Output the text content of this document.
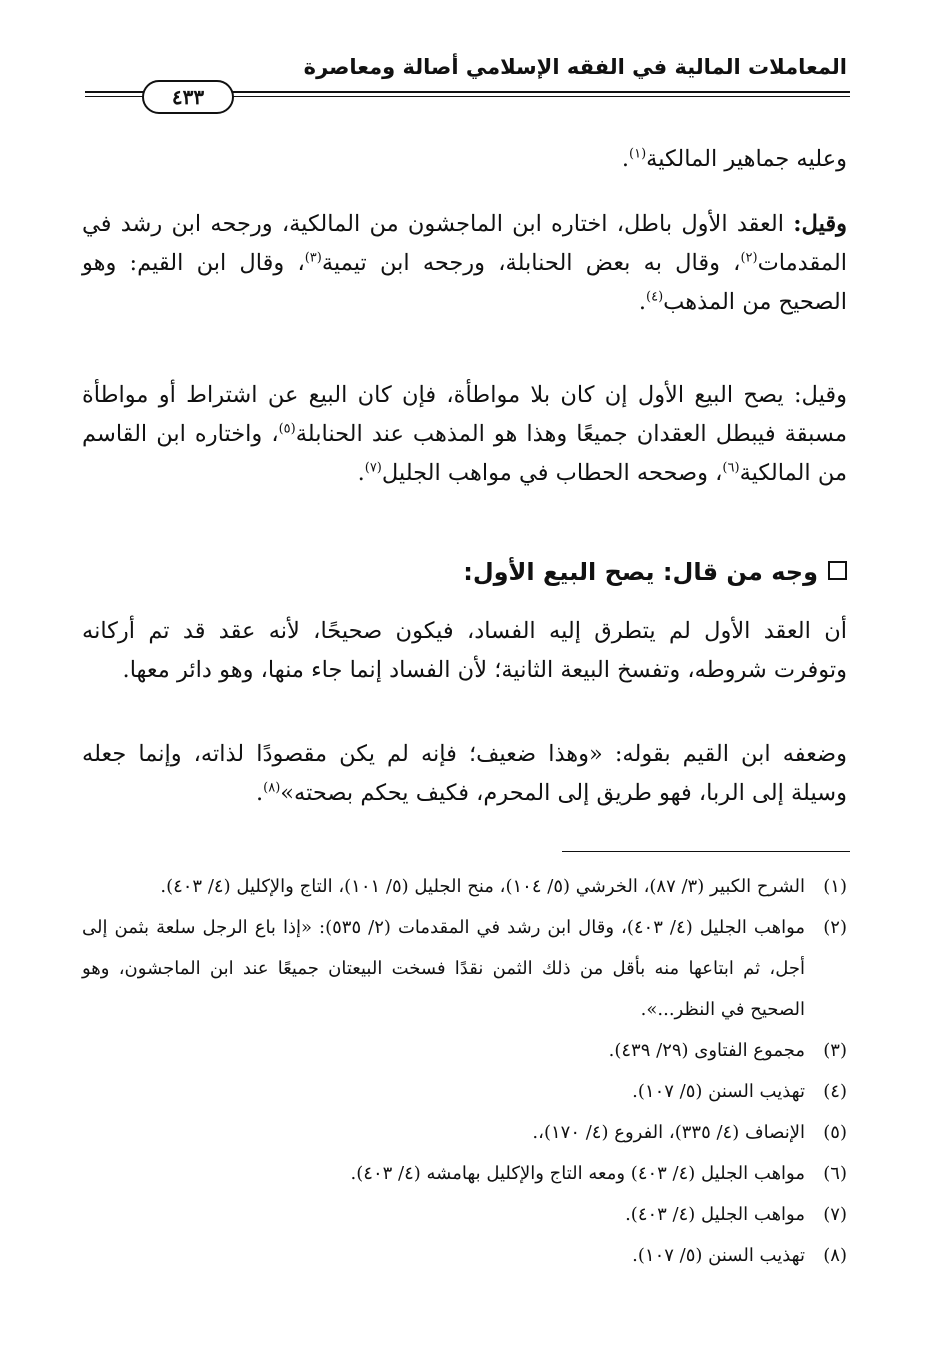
المعاملات المالية في الفقه الإسلامي أصالة ومعاصرة
٤٣٣
وعليه جماهير المالكية$^{(١)}$.
وقيل: العقد الأول باطل، اختاره ابن الماجشون من المالكية، ورجحه ابن رشد في المقدمات$^{(٢)}$، وقال به بعض الحنابلة، ورجحه ابن تيمية$^{(٣)}$، وقال ابن القيم: وهو الصحيح من المذهب$^{(٤)}$.
وقيل: يصح البيع الأول إن كان بلا مواطأة، فإن كان البيع عن اشتراط أو مواطأة مسبقة فيبطل العقدان جميعًا وهذا هو المذهب عند الحنابلة$^{(٥)}$، واختاره ابن القاسم من المالكية$^{(٦)}$، وصححه الحطاب في مواهب الجليل$^{(٧)}$.
وجه من قال: يصح البيع الأول:
أن العقد الأول لم يتطرق إليه الفساد، فيكون صحيحًا، لأنه عقد قد تم أركانه وتوفرت شروطه، وتفسخ البيعة الثانية؛ لأن الفساد إنما جاء منها، وهو دائر معها.
وضعفه ابن القيم بقوله: «وهذا ضعيف؛ فإنه لم يكن مقصودًا لذاته، وإنما جعله وسيلة إلى الربا، فهو طريق إلى المحرم، فكيف يحكم بصحته»$^{(٨)}$.
(١)
الشرح الكبير (٣/ ٨٧)، الخرشي (٥/ ١٠٤)، منح الجليل (٥/ ١٠١)، التاج والإكليل (٤/ ٤٠٣).
(٢)
مواهب الجليل (٤/ ٤٠٣)، وقال ابن رشد في المقدمات (٢/ ٥٣٥): «إذا باع الرجل سلعة بثمن إلى أجل، ثم ابتاعها منه بأقل من ذلك الثمن نقدًا فسخت البيعتان جميعًا عند ابن الماجشون، وهو الصحيح في النظر...».
(٣)
مجموع الفتاوى (٢٩/ ٤٣٩).
(٤)
تهذيب السنن (٥/ ١٠٧).
(٥)
الإنصاف (٤/ ٣٣٥)، الفروع (٤/ ١٧٠)،.
(٦)
مواهب الجليل (٤/ ٤٠٣) ومعه التاج والإكليل بهامشه (٤/ ٤٠٣).
(٧)
مواهب الجليل (٤/ ٤٠٣).
(٨)
تهذيب السنن (٥/ ١٠٧).
